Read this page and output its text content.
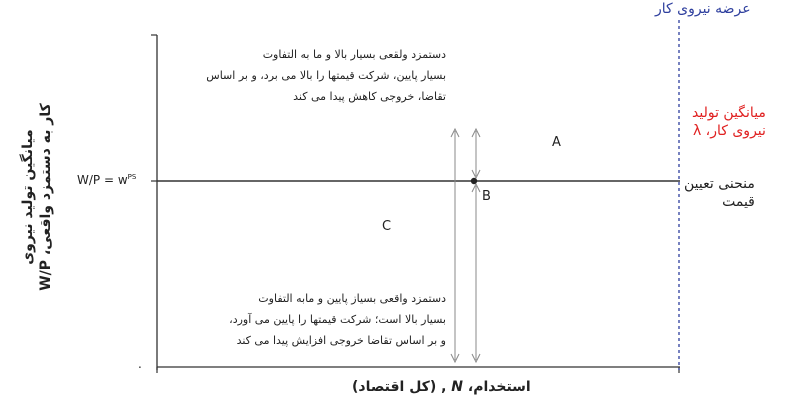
عرضه نیروی کار
میانگین تولید نیروی
کار به دستمزد واقعی، W/P $W/P = w^{PS}$
.
استخدام، N , (کل اقتصاد)
میانگین تولید
نیروی کار، λ
منحنی تعیین
قیمت
A
B
C
دستمزد ولقعی بسیار بالا و ما به التفاوت
بسیار پایین، شرکت قیمتها را بالا می برد، و بر اساس
تقاضا، خروجی کاهش پیدا می کند
دستمزد واقعی بسیاز پایین و مابه التفاوت
بسیار بالا است؛ شرکت قیمتها را پایین می آورد،
و بر اساس تقاضا خروجی افزایش پیدا می کند
